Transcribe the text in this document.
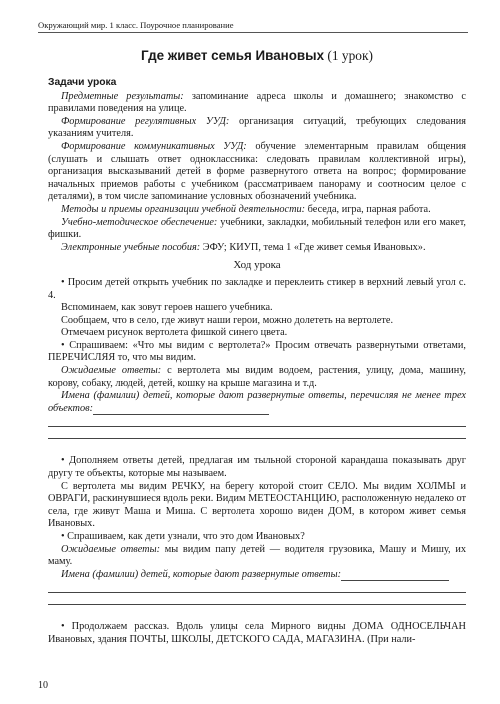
Окружающий мир. 1 класс. Поурочное планирование
Где живет семья Ивановых (1 урок)
Задачи урока

Предметные результаты: запоминание адреса школы и домашнего; знакомство с правилами поведения на улице.

Формирование регулятивных УУД: организация ситуаций, требующих следования указаниям учителя.

Формирование коммуникативных УУД: обучение элементарным правилам общения (слушать и слышать ответ одноклассника: следовать правилам коллективной игры), организация высказываний детей в форме развернутого ответа на вопрос; формирование начальных приемов работы с учебником (рассматриваем панораму и соотносим целое с деталями), в том числе запоминание условных обозначений учебника.

Методы и приемы организации учебной деятельности: беседа, игра, парная работа.

Учебно-методическое обеспечение: учебники, закладки, мобильный телефон или его макет, фишки.

Электронные учебные пособия: ЭФУ; КИУП, тема 1 «Где живет семья Ивановых».

Ход урока

• Просим детей открыть учебник по закладке и переклеить стикер в верхний левый угол с. 4.

Вспоминаем, как зовут героев нашего учебника.

Сообщаем, что в село, где живут наши герои, можно долететь на вертолете.

Отмечаем рисунок вертолета фишкой синего цвета.

• Спрашиваем: «Что мы видим с вертолета?» Просим отвечать развернутыми ответами, ПЕРЕЧИСЛЯЯ то, что мы видим.

Ожидаемые ответы: с вертолета мы видим водоем, растения, улицу, дома, машину, корову, собаку, людей, детей, кошку на крыше магазина и т.д.

Имена (фамилии) детей, которые дают развернутые ответы, перечисляя не менее трех объектов:

• Дополняем ответы детей, предлагая им тыльной стороной карандаша показывать друг другу те объекты, которые мы называем.

С вертолета мы видим РЕЧКУ, на берегу которой стоит СЕЛО. Мы видим ХОЛМЫ и ОВРАГИ, раскинувшиеся вдоль реки. Видим МЕТЕОСТАНЦИЮ, расположенную недалеко от села, где живут Маша и Миша. С вертолета хорошо виден ДОМ, в котором живет семья Ивановых.

• Спрашиваем, как дети узнали, что это дом Ивановых?

Ожидаемые ответы: мы видим папу детей — водителя грузовика, Машу и Мишу, их маму.

Имена (фамилии) детей, которые дают развернутые ответы:

• Продолжаем рассказ. Вдоль улицы села Мирного видны ДОМА ОДНОСЕЛЬЧАН Ивановых, здания ПОЧТЫ, ШКОЛЫ, ДЕТСКОГО САДА, МАГАЗИНА. (При нали-

10
